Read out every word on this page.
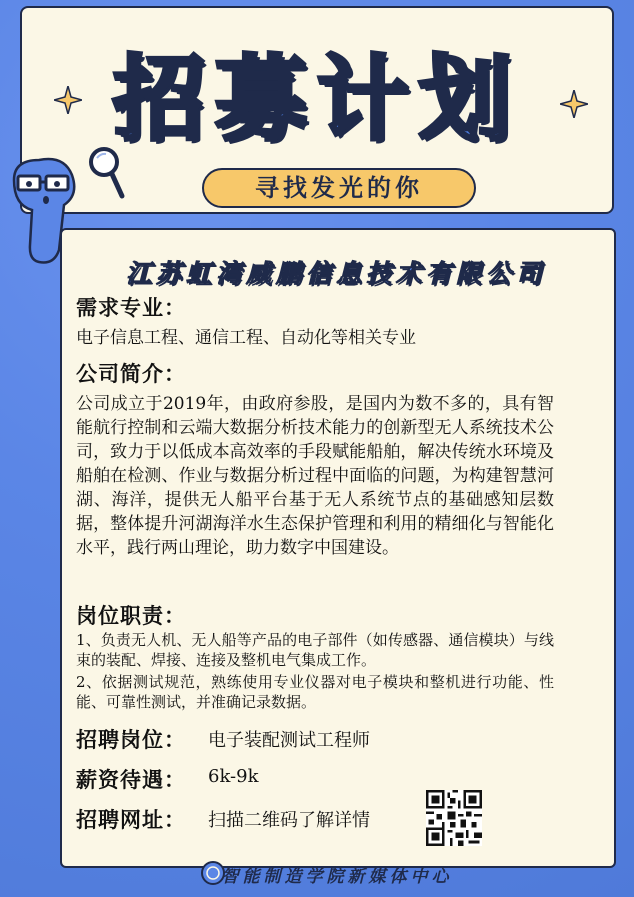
招募计划
寻找发光的你
江苏虹湾威鹏信息技术有限公司
需求专业：
电子信息工程、通信工程、自动化等相关专业
公司简介：
公司成立于2019年，由政府参股，是国内为数不多的，具有智能航行控制和云端大数据分析技术能力的创新型无人系统技术公司，致力于以低成本高效率的手段赋能船舶，解决传统水环境及船舶在检测、作业与数据分析过程中面临的问题，为构建智慧河湖、海洋，提供无人船平台基于无人系统节点的基础感知层数据，整体提升河湖海洋水生态保护管理和利用的精细化与智能化水平，践行两山理论，助力数字中国建设。
岗位职责：
1、负责无人机、无人船等产品的电子部件（如传感器、通信模块）与线束的装配、焊接、连接及整机电气集成工作。
2、依据测试规范，熟练使用专业仪器对电子模块和整机进行功能、性能、可靠性测试，并准确记录数据。
招聘岗位： 电子装配测试工程师
薪资待遇： 6k-9k
招聘网址： 扫描二维码了解详情
智能制造学院新媒体中心
